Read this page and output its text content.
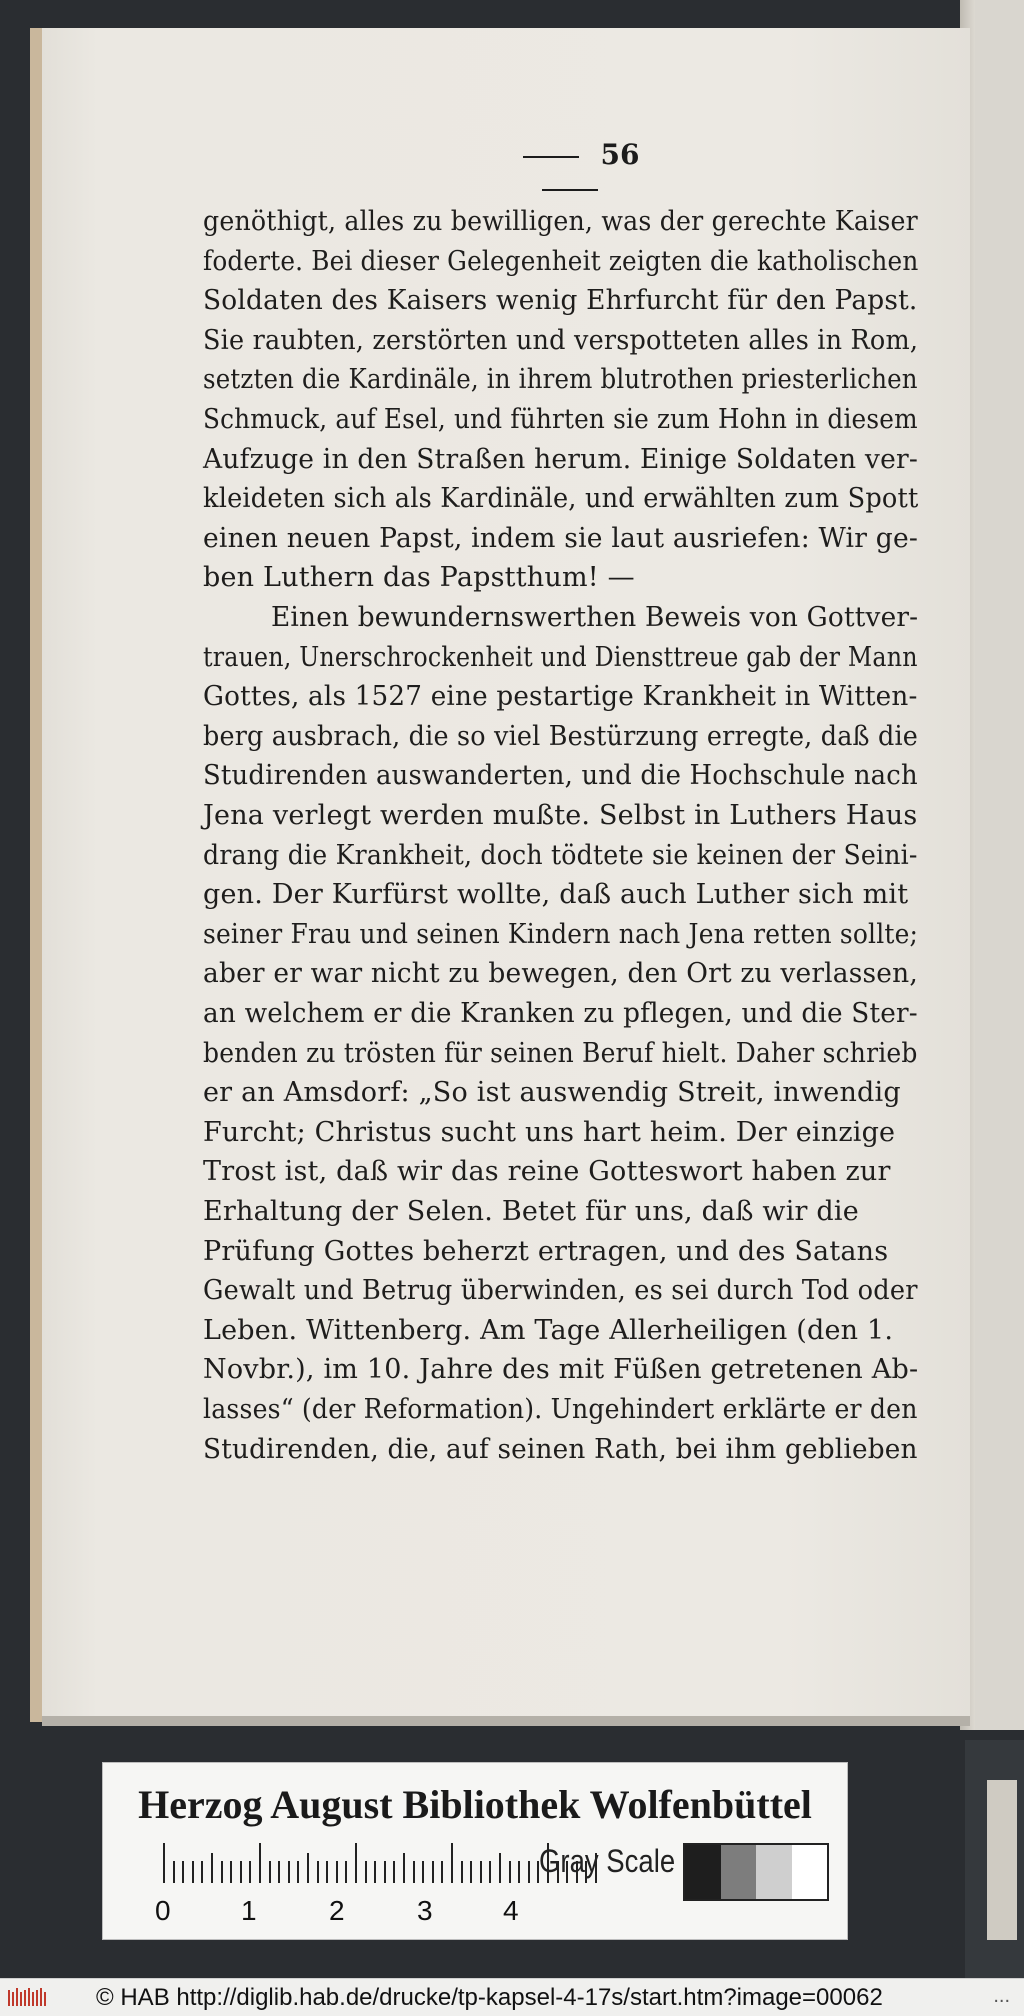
56

genöthigt, alles zu bewilligen, was der gerechte Kaiser

foderte. Bei dieser Gelegenheit zeigten die katholischen

Soldaten des Kaisers wenig Ehrfurcht für den Papst.

Sie raubten, zerstörten und verspotteten alles in Rom,

setzten die Kardinäle, in ihrem blutrothen priesterlichen

Schmuck, auf Esel, und führten sie zum Hohn in diesem

Aufzuge in den Straßen herum. Einige Soldaten ver-

kleideten sich als Kardinäle, und erwählten zum Spott

einen neuen Papst, indem sie laut ausriefen: Wir ge-

ben Luthern das Papstthum! —

Einen bewundernswerthen Beweis von Gottver-

trauen, Unerschrockenheit und Diensttreue gab der Mann

Gottes, als 1527 eine pestartige Krankheit in Witten-

berg ausbrach, die so viel Bestürzung erregte, daß die

Studirenden auswanderten, und die Hochschule nach

Jena verlegt werden mußte. Selbst in Luthers Haus

drang die Krankheit, doch tödtete sie keinen der Seini-

gen. Der Kurfürst wollte, daß auch Luther sich mit

seiner Frau und seinen Kindern nach Jena retten sollte;

aber er war nicht zu bewegen, den Ort zu verlassen,

an welchem er die Kranken zu pflegen, und die Ster-

benden zu trösten für seinen Beruf hielt. Daher schrieb

er an Amsdorf: „So ist auswendig Streit, inwendig

Furcht; Christus sucht uns hart heim. Der einzige

Trost ist, daß wir das reine Gotteswort haben zur

Erhaltung der Selen. Betet für uns, daß wir die

Prüfung Gottes beherzt ertragen, und des Satans

Gewalt und Betrug überwinden, es sei durch Tod oder

Leben. Wittenberg. Am Tage Allerheiligen (den 1.

Novbr.), im 10. Jahre des mit Füßen getretenen Ab-

lasses“ (der Reformation). Ungehindert erklärte er den

Studirenden, die, auf seinen Rath, bei ihm geblieben

Herzog August Bibliothek Wolfenbüttel
0	1	2	3	4
Gray Scale
© HAB http://diglib.hab.de/drucke/tp-kapsel-4-17s/start.htm?image=00062	...
